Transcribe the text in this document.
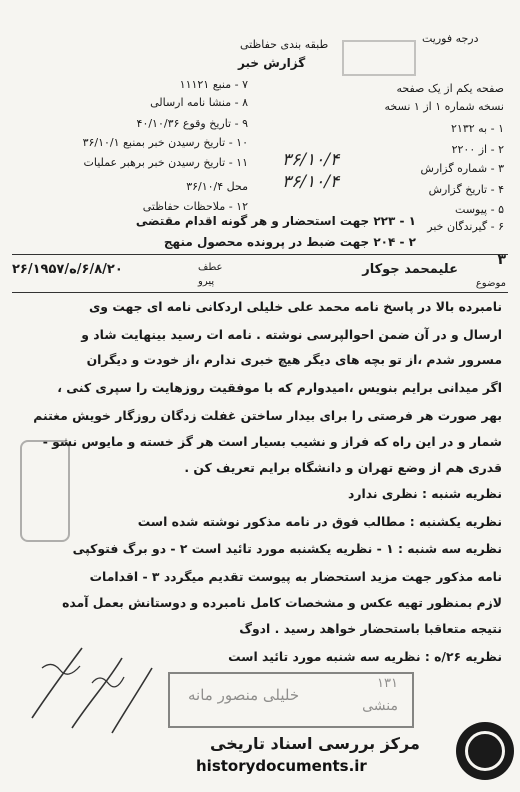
درجه فوریت
طبقه بندی حفاظتی
گزارش خبر
صفحه یکم از یک صفحه
نسخه شماره ۱ از ۱ نسخه
۱ - به ۲۱۳۲
۲ - از ۲۲۰۰
۳ - شماره گزارش
۴ - تاریخ گزارش
۵ - پیوست
۶ - گیرندگان خبر
۷ - منبع ۱۱۱۲۱
۸ - منشا نامه ارسالی
۹ - تاریخ وقوع ۴۰/۱۰/۳۶
۱۰ - تاریخ رسیدن خبر بمنبع ۳۶/۱۰/۱
۱۱ - تاریخ رسیدن خبر برهبر عملیات
محل ۳۶/۱۰/۴
۱۲ - ملاحظات حفاظتی
۳۶/۱۰/۴
۳۶/۱۰/۴
۱ - ۲۲۳ جهت استحضار و هر گونه اقدام مقتضی
۲ - ۲۰۴ جهت ضبط در پرونده محصول منهج
۳
عطف
پیرو
۶/۸/۲۰/ه/۲۶/۱۹۵۷
موضوع
علیمحمد جوکار
نامبرده بالا در پاسخ نامه محمد علی خلیلی اردکانی نامه ای جهت وی
ارسال و در آن ضمن احوالپرسی نوشته . نامه ات رسید بینهایت شاد و
مسرور شدم ،از تو بچه های دیگر هیچ خبری ندارم ،از خودت و دیگران
اگر میدانی برایم بنویس ،امیدوارم که با موفقیت روزهایت را سپری کنی ،
بهر صورت هر فرصتی را برای بیدار ساختن غفلت زدگان روزگار خویش مغتنم
شمار و در این راه که فراز و نشیب بسیار است هر گز خسته و مایوس نشو -
قدری هم از وضع تهران و دانشگاه برایم تعریف کن .
نظریه شنبه : نظری ندارد
نظریه یکشنبه : مطالب فوق در نامه مذکور نوشته شده است
نظریه سه شنبه : ۱ - نظریه یکشنبه مورد تائید است ۲ - دو برگ فتوکپی
نامه مذکور جهت مزید استحضار به پیوست تقدیم میگردد ۳ - اقدامات
لازم بمنظور تهیه عکس و مشخصات کامل نامبرده و دوستانش بعمل آمده
نتیجه متعاقبا باستحضار خواهد رسید . ادوگ
نظریه ۲۶/ه : نظریه سه شنبه مورد تائید است
خلیلی منصور مانه
۱۳۱
منشی
مرکز بررسی اسناد تاریخی
historydocuments.ir
